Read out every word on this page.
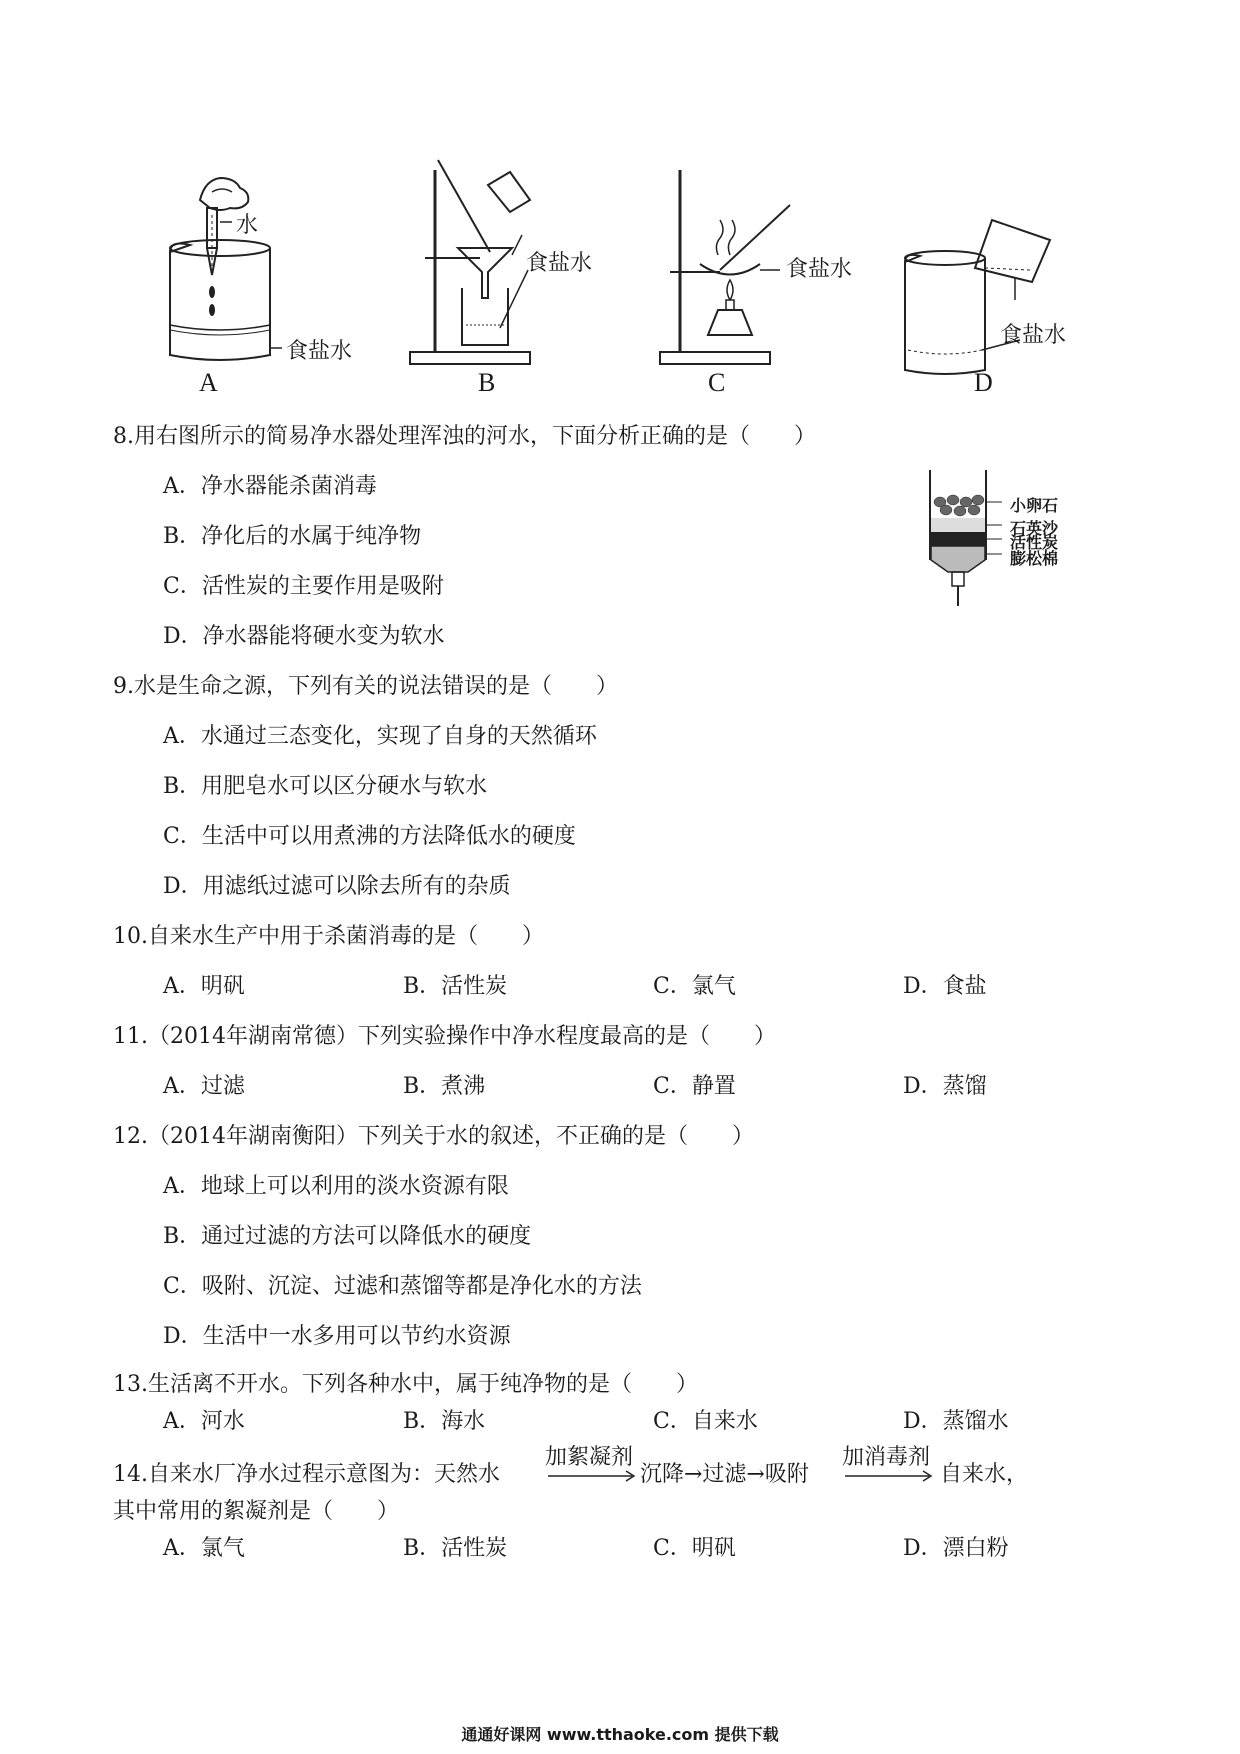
水
食盐水
A
食盐水
B
食盐水
C
食盐水
D
8.用右图所示的简易净水器处理浑浊的河水，下面分析正确的是（　　）
A．净水器能杀菌消毒
B．净化后的水属于纯净物
C．活性炭的主要作用是吸附
D．净水器能将硬水变为软水
小卵石
石英沙
活性炭
膨松棉
9.水是生命之源，下列有关的说法错误的是（　　）
A．水通过三态变化，实现了自身的天然循环
B．用肥皂水可以区分硬水与软水
C．生活中可以用煮沸的方法降低水的硬度
D．用滤纸过滤可以除去所有的杂质
10.自来水生产中用于杀菌消毒的是（　　）
A．明矾	B．活性炭	C．氯气	D．食盐
11.（2014年湖南常德）下列实验操作中净水程度最高的是（　　）
A．过滤	B．煮沸	C．静置	D．蒸馏
12.（2014年湖南衡阳）下列关于水的叙述，不正确的是（　　）
A．地球上可以利用的淡水资源有限
B．通过过滤的方法可以降低水的硬度
C．吸附、沉淀、过滤和蒸馏等都是净化水的方法
D．生活中一水多用可以节约水资源
13.生活离不开水。下列各种水中，属于纯净物的是（　　）
A．河水	B．海水	C．自来水	D．蒸馏水
14.自来水厂净水过程示意图为：天然水
加絮凝剂
沉降→过滤→吸附
加消毒剂
自来水，
其中常用的絮凝剂是（　　）
A．氯气	B．活性炭	C．明矾	D．漂白粉
通通好课网 www.tthaoke.com 提供下载
